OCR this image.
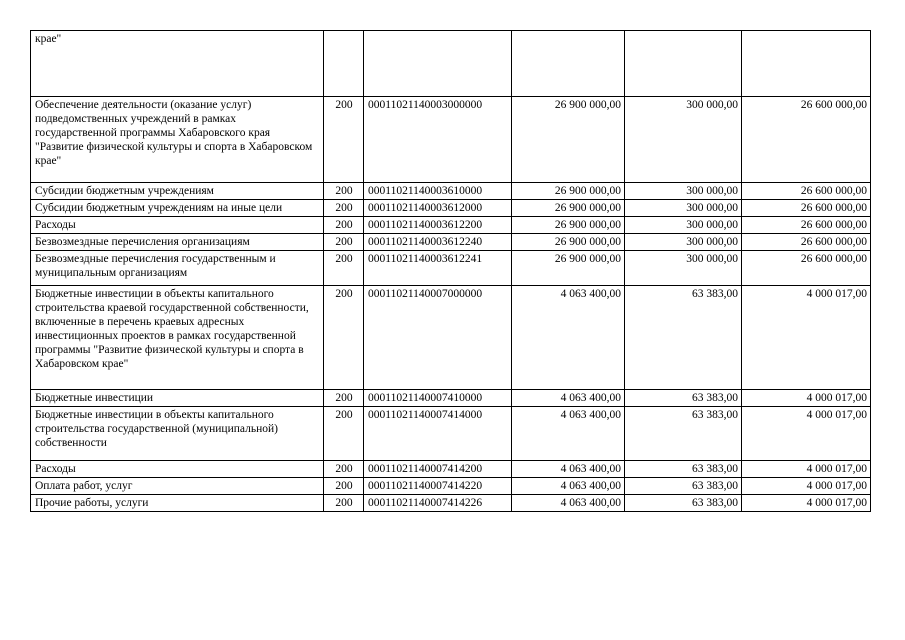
крае"					
Обеспечение деятельности (оказание услуг) подведомственных учреждений в рамках государственной программы Хабаровского края "Развитие физической культуры и спорта в Хабаровском крае"	200	00011021140003000000	26 900 000,00	300 000,00	26 600 000,00
Субсидии бюджетным учреждениям	200	00011021140003610000	26 900 000,00	300 000,00	26 600 000,00
Субсидии бюджетным учреждениям на иные цели	200	00011021140003612000	26 900 000,00	300 000,00	26 600 000,00
Расходы	200	00011021140003612200	26 900 000,00	300 000,00	26 600 000,00
Безвозмездные перечисления организациям	200	00011021140003612240	26 900 000,00	300 000,00	26 600 000,00
Безвозмездные перечисления государственным и муниципальным организациям	200	00011021140003612241	26 900 000,00	300 000,00	26 600 000,00
Бюджетные инвестиции в объекты капитального строительства краевой государственной собственности, включенные в перечень краевых адресных инвестиционных проектов в рамках государственной программы "Развитие физической культуры и спорта в Хабаровском крае"	200	00011021140007000000	4 063 400,00	63 383,00	4 000 017,00
Бюджетные инвестиции	200	00011021140007410000	4 063 400,00	63 383,00	4 000 017,00
Бюджетные инвестиции в объекты капитального строительства государственной (муниципальной) собственности	200	00011021140007414000	4 063 400,00	63 383,00	4 000 017,00
Расходы	200	00011021140007414200	4 063 400,00	63 383,00	4 000 017,00
Оплата работ, услуг	200	00011021140007414220	4 063 400,00	63 383,00	4 000 017,00
Прочие работы, услуги	200	00011021140007414226	4 063 400,00	63 383,00	4 000 017,00
